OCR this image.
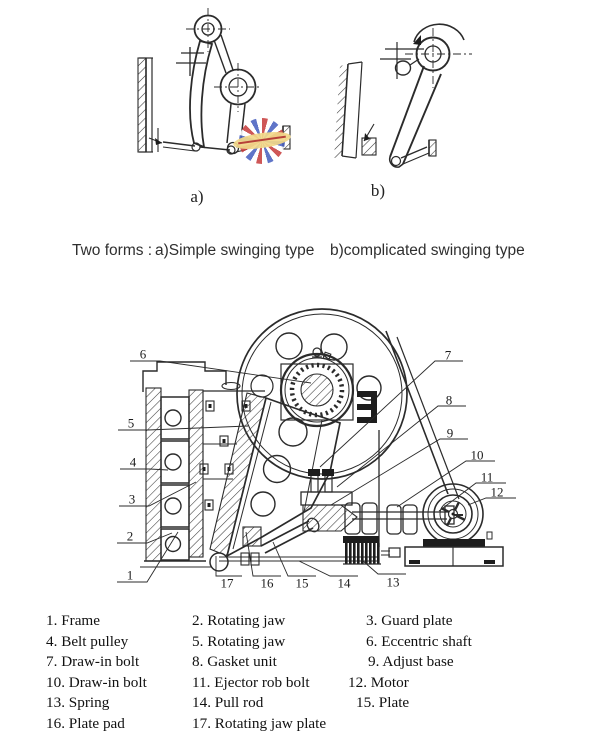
a)	b)
1
2
3
4
5
6	7
8
9
10
11
12
13
14
15
16
17
Two forms : a)Simple swinging type b)complicated swinging type
1. Frame	2. Rotating jaw	3. Guard plate
4. Belt pulley	5. Rotating jaw	6. Eccentric shaft
7. Draw-in bolt	8. Gasket unit	9. Adjust base
10. Draw-in bolt	11. Ejector rob bolt	12. Motor
13. Spring	14. Pull rod	15. Plate
16. Plate pad	17. Rotating jaw plate
